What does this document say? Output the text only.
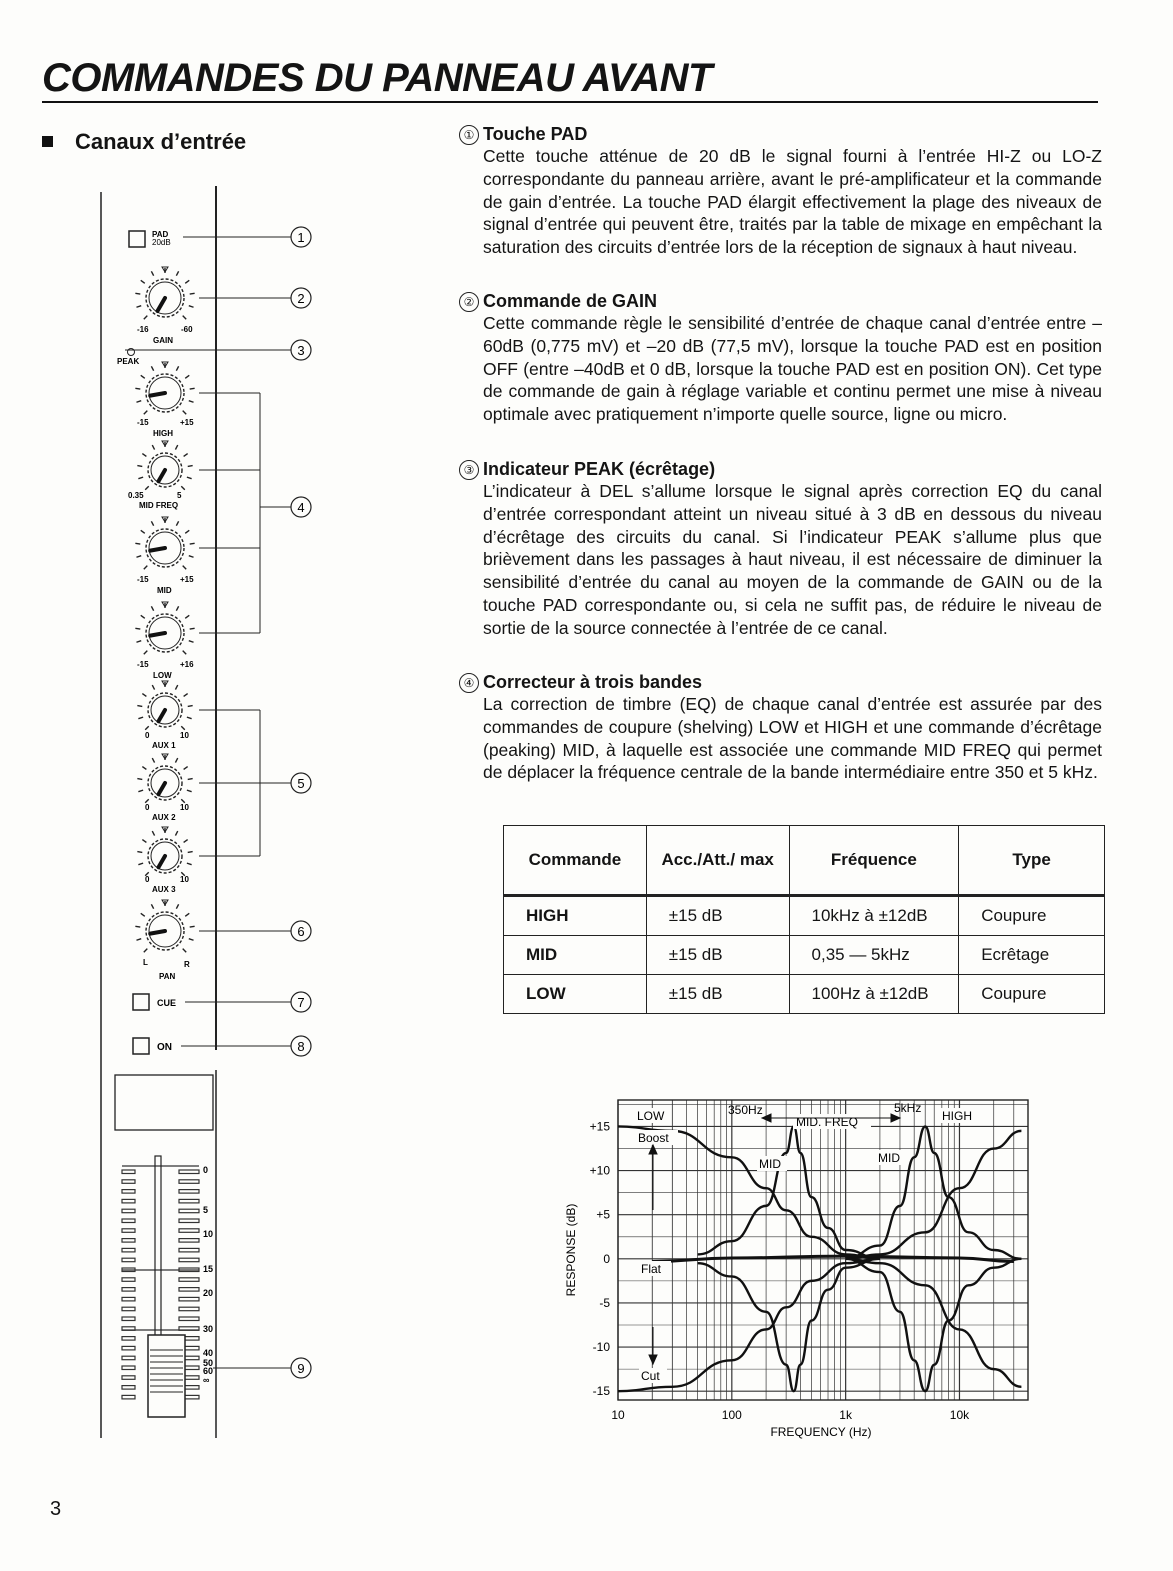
COMMANDES DU PANNEAU AVANT
Canaux d’entrée
PAD
20dB
-16	-60
GAIN
PEAK
-15	+15
HIGH
0.35	5
MID FREQ
-15	+15
MID
-15	+16
LOW
0	10
AUX 1
0	10
AUX 2
0	10
AUX 3
L	R
PAN
CUE
ON
0
5
10
15
20
30
40
50
60
∞
1
2
3
4
5
6
7
8
9
① Touche PAD

Cette touche atténue de 20 dB le signal fourni à l’entrée HI-Z ou LO-Z correspondante du panneau arrière, avant le pré-amplificateur et la commande de gain d’entrée. La touche PAD élargit effectivement la plage des niveaux de signal d’entrée qui peuvent être, traités par la table de mixage en empêchant la saturation des circuits d’entrée lors de la réception de signaux à haut niveau.

② Commande de GAIN

Cette commande règle le sensibilité d’entrée de chaque canal d’entrée entre –60dB (0,775 mV) et –20 dB (77,5 mV), lorsque la touche PAD est en position OFF (entre –40dB et 0 dB, lorsque la touche PAD est en position ON). Cet type de commande de gain à réglage variable et continu permet une mise à niveau optimale avec pratiquement n’importe quelle source, ligne ou micro.

③ Indicateur PEAK (écrêtage)

L’indicateur à DEL s’allume lorsque le signal après correction EQ du canal d’entrée correspondant atteint un niveau situé à 3 dB en dessous du niveau d’écrêtage des circuits du canal. Si l’indicateur PEAK s’allume plus que brièvement dans les passages à haut niveau, il est nécessaire de diminuer la sensibilité d’entrée du canal au moyen de la commande de GAIN ou de la touche PAD correspondante ou, si cela ne suffit pas, de réduire le niveau de sortie de la source connectée à l’entrée de ce canal.

④ Correcteur à trois bandes

La correction de timbre (EQ) de chaque canal d’entrée est assurée par des commandes de coupure (shelving) LOW et HIGH et une commande d’écrêtage (peaking) MID, à laquelle est associée une commande MID FREQ qui permet de déplacer la fréquence centrale de la bande intermédiaire entre 350 et 5 kHz.

Commande	Acc./Att./ max	Fréquence	Type
HIGH	±15 dB	10kHz à ±12dB	Coupure
MID	±15 dB	0,35 — 5kHz	Ecrêtage
LOW	±15 dB	100Hz à ±12dB	Coupure
10	100	1k	10k
+15
+10
+5
0
-5
-10
-15
FREQUENCY (Hz)
RESPONSE (dB)
LOW	HIGH
350Hz	5kHz
MID. FREQ
MID	MID
Boost
Flat
Cut
3
